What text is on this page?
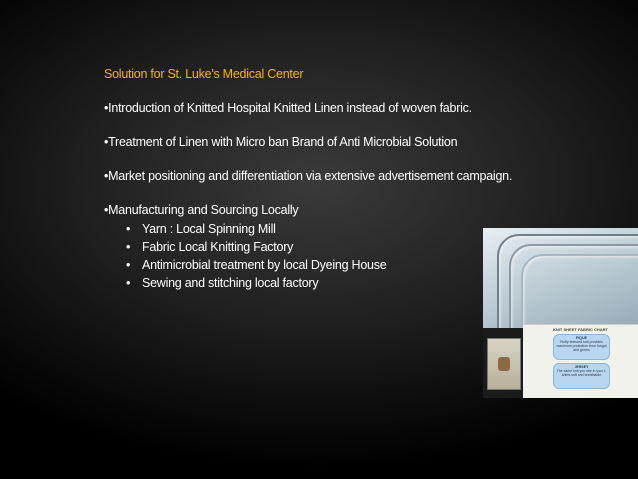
Solution for St. Luke's Medical Center
•Introduction of Knitted Hospital Knitted Linen instead of woven fabric.
•Treatment of Linen with Micro ban Brand of Anti Microbial Solution
•Market positioning and differentiation via extensive advertisement campaign.
•Manufacturing and Sourcing Locally
• Yarn : Local Spinning Mill
• Fabric Local Knitting Factory
• Antimicrobial treatment by local Dyeing House
• Sewing and stitching local factory
KNIT SHEET FABRIC CHART
PIQUE
Fluffy textured knit provides maximum protection from fungal and germs
JERSEY
The same knit you see in your t-shirts soft and breathable
